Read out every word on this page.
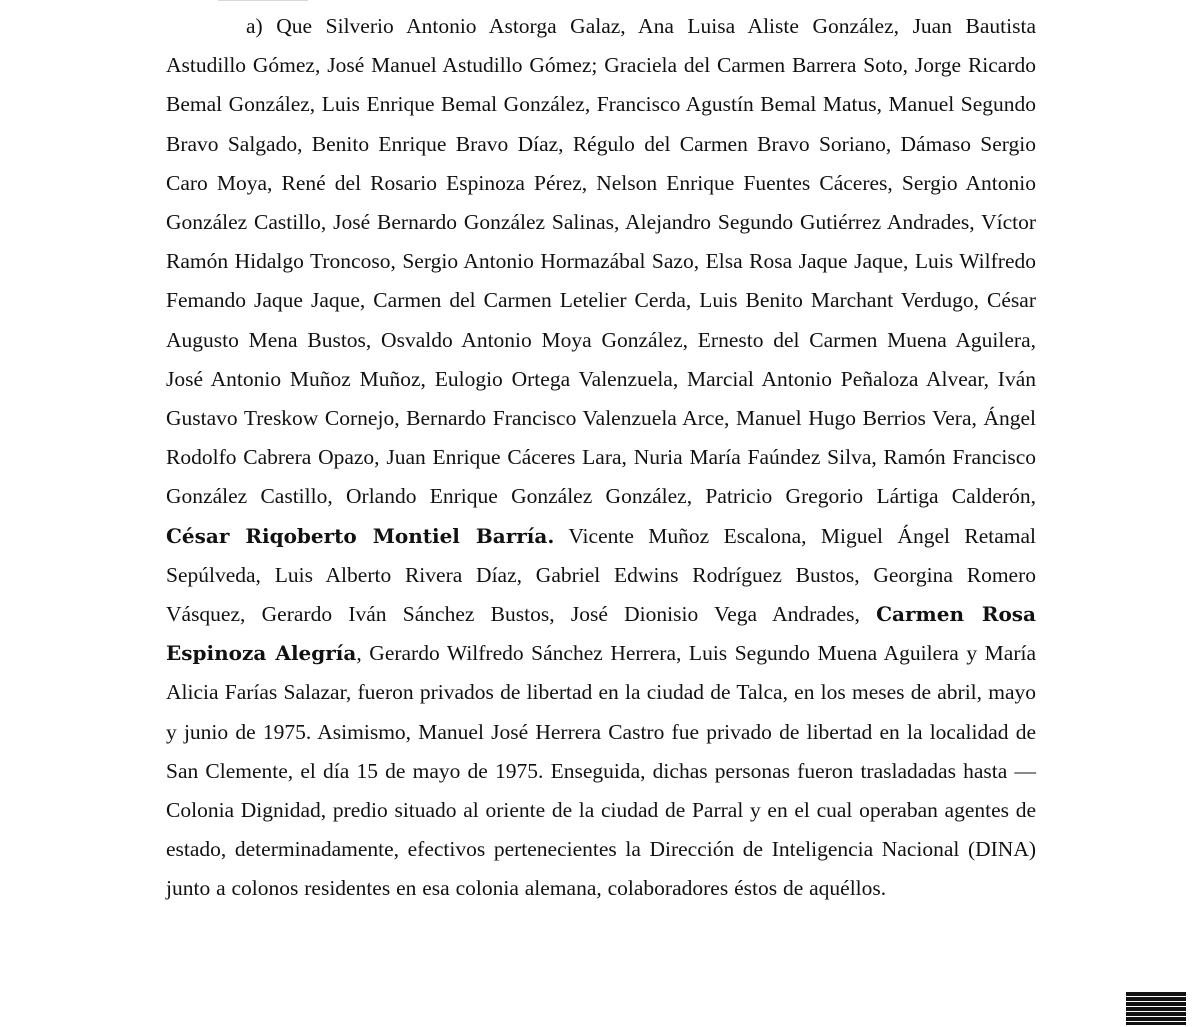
a) Que Silverio Antonio Astorga Galaz, Ana Luisa Aliste González, Juan Bautista Astudillo Gómez, José Manuel Astudillo Gómez; Graciela del Carmen Barrera Soto, Jorge Ricardo Bemal González, Luis Enrique Bemal González, Francisco Agustín Bemal Matus, Manuel Segundo Bravo Salgado, Benito Enrique Bravo Díaz, Régulo del Carmen Bravo Soriano, Dámaso Sergio Caro Moya, René del Rosario Espinoza Pérez, Nelson Enrique Fuentes Cáceres, Sergio Antonio González Castillo, José Bernardo González Salinas, Alejandro Segundo Gutiérrez Andrades, Víctor Ramón Hidalgo Troncoso, Sergio Antonio Hormazábal Sazo, Elsa Rosa Jaque Jaque, Luis Wilfredo Femando Jaque Jaque, Carmen del Carmen Letelier Cerda, Luis Benito Marchant Verdugo, César Augusto Mena Bustos, Osvaldo Antonio Moya González, Ernesto del Carmen Muena Aguilera, José Antonio Muñoz Muñoz, Eulogio Ortega Valenzuela, Marcial Antonio Peñaloza Alvear, Iván Gustavo Treskow Cornejo, Bernardo Francisco Valenzuela Arce, Manuel Hugo Berrios Vera, Ángel Rodolfo Cabrera Opazo, Juan Enrique Cáceres Lara, Nuria María Faúndez Silva, Ramón Francisco González Castillo, Orlando Enrique González González, Patricio Gregorio Lártiga Calderón, César Riqoberto Montiel Barría. Vicente Muñoz Escalona, Miguel Ángel Retamal Sepúlveda, Luis Alberto Rivera Díaz, Gabriel Edwins Rodríguez Bustos, Georgina Romero Vásquez, Gerardo Iván Sánchez Bustos, José Dionisio Vega Andrades, Carmen Rosa Espinoza Alegría, Gerardo Wilfredo Sánchez Herrera, Luis Segundo Muena Aguilera y María Alicia Farías Salazar, fueron privados de libertad en la ciudad de Talca, en los meses de abril, mayo y junio de 1975. Asimismo, Manuel José Herrera Castro fue privado de libertad en la localidad de San Clemente, el día 15 de mayo de 1975. Enseguida, dichas personas fueron trasladadas hasta —Colonia Dignidad, predio situado al oriente de la ciudad de Parral y en el cual operaban agentes de estado, determinadamente, efectivos pertenecientes la Dirección de Inteligencia Nacional (DINA) junto a colonos residentes en esa colonia alemana, colaboradores éstos de aquéllos.
